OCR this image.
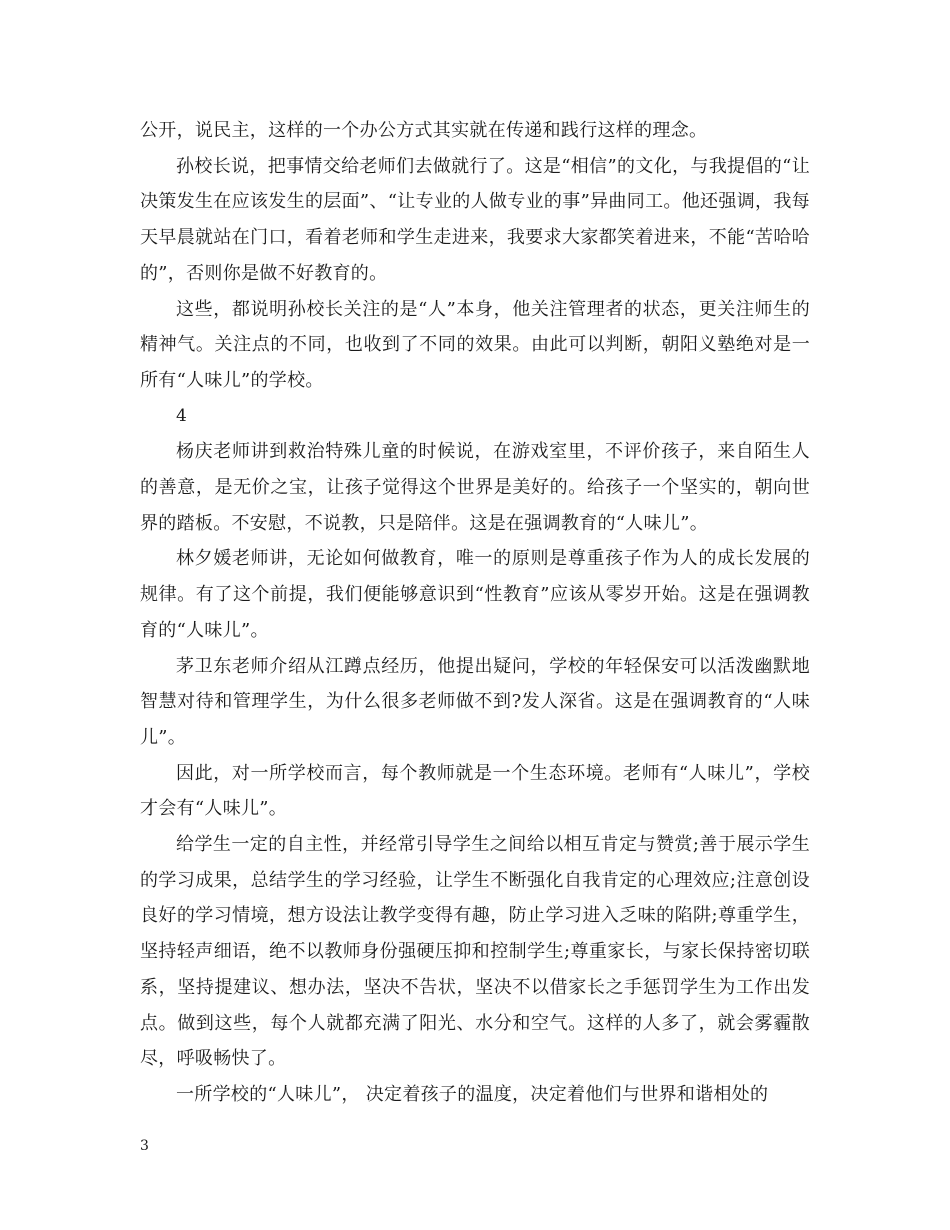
公开，说民主，这样的一个办公方式其实就在传递和践行这样的理念。

孙校长说，把事情交给老师们去做就行了。这是“相信”的文化，与我提倡的“让决策发生在应该发生的层面”、“让专业的人做专业的事”异曲同工。他还强调，我每天早晨就站在门口，看着老师和学生走进来，我要求大家都笑着进来，不能“苦哈哈的”，否则你是做不好教育的。

这些，都说明孙校长关注的是“人”本身，他关注管理者的状态，更关注师生的精神气。关注点的不同，也收到了不同的效果。由此可以判断，朝阳义塾绝对是一所有“人味儿”的学校。

4

杨庆老师讲到救治特殊儿童的时候说，在游戏室里，不评价孩子，来自陌生人的善意，是无价之宝，让孩子觉得这个世界是美好的。给孩子一个坚实的，朝向世界的踏板。不安慰，不说教，只是陪伴。这是在强调教育的“人味儿”。

林夕媛老师讲，无论如何做教育，唯一的原则是尊重孩子作为人的成长发展的规律。有了这个前提，我们便能够意识到“性教育”应该从零岁开始。这是在强调教育的“人味儿”。

茅卫东老师介绍从江蹲点经历，他提出疑问，学校的年轻保安可以活泼幽默地智慧对待和管理学生，为什么很多老师做不到?发人深省。这是在强调教育的“人味儿”。

因此，对一所学校而言，每个教师就是一个生态环境。老师有“人味儿”，学校才会有“人味儿”。

给学生一定的自主性，并经常引导学生之间给以相互肯定与赞赏;善于展示学生的学习成果，总结学生的学习经验，让学生不断强化自我肯定的心理效应;注意创设良好的学习情境，想方设法让教学变得有趣，防止学习进入乏味的陷阱;尊重学生，坚持轻声细语，绝不以教师身份强硬压抑和控制学生;尊重家长，与家长保持密切联系，坚持提建议、想办法，坚决不告状，坚决不以借家长之手惩罚学生为工作出发点。做到这些，每个人就都充满了阳光、水分和空气。这样的人多了，就会雾霾散尽，呼吸畅快了。

一所学校的“人味儿”， 决定着孩子的温度，决定着他们与世界和谐相处的

3
